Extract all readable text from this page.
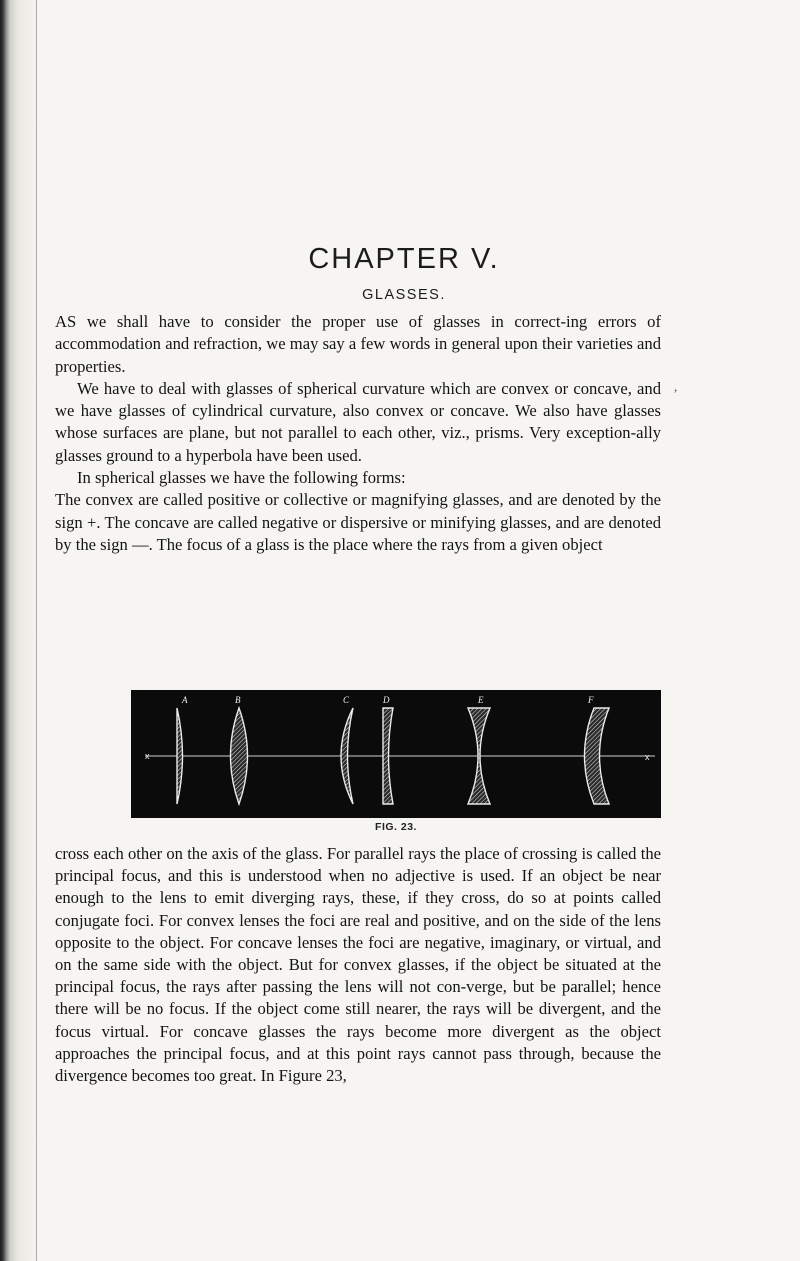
CHAPTER V.
GLASSES.

AS we shall have to consider the proper use of glasses in correct-ing errors of accommodation and refraction, we may say a few words in general upon their varieties and properties.

We have to deal with glasses of spherical curvature which are convex or concave, and we have glasses of cylindrical curvature, also convex or concave. We also have glasses whose surfaces are plane, but not parallel to each other, viz., prisms. Very exception-ally glasses ground to a hyperbola have been used.

In spherical glasses we have the following forms:

The convex are called positive or collective or magnifying glasses, and are denoted by the sign +. The concave are called negative or dispersive or minifying glasses, and are denoted by the sign —. The focus of a glass is the place where the rays from a given object

,
x	x
A	B	C	D	E	F
FIG. 23.

cross each other on the axis of the glass. For parallel rays the place of crossing is called the principal focus, and this is understood when no adjective is used. If an object be near enough to the lens to emit diverging rays, these, if they cross, do so at points called conjugate foci. For convex lenses the foci are real and positive, and on the side of the lens opposite to the object. For concave lenses the foci are negative, imaginary, or virtual, and on the same side with the object. But for convex glasses, if the object be situated at the principal focus, the rays after passing the lens will not con-verge, but be parallel; hence there will be no focus. If the object come still nearer, the rays will be divergent, and the focus virtual. For concave glasses the rays become more divergent as the object approaches the principal focus, and at this point rays cannot pass through, because the divergence becomes too great. In Figure 23,
